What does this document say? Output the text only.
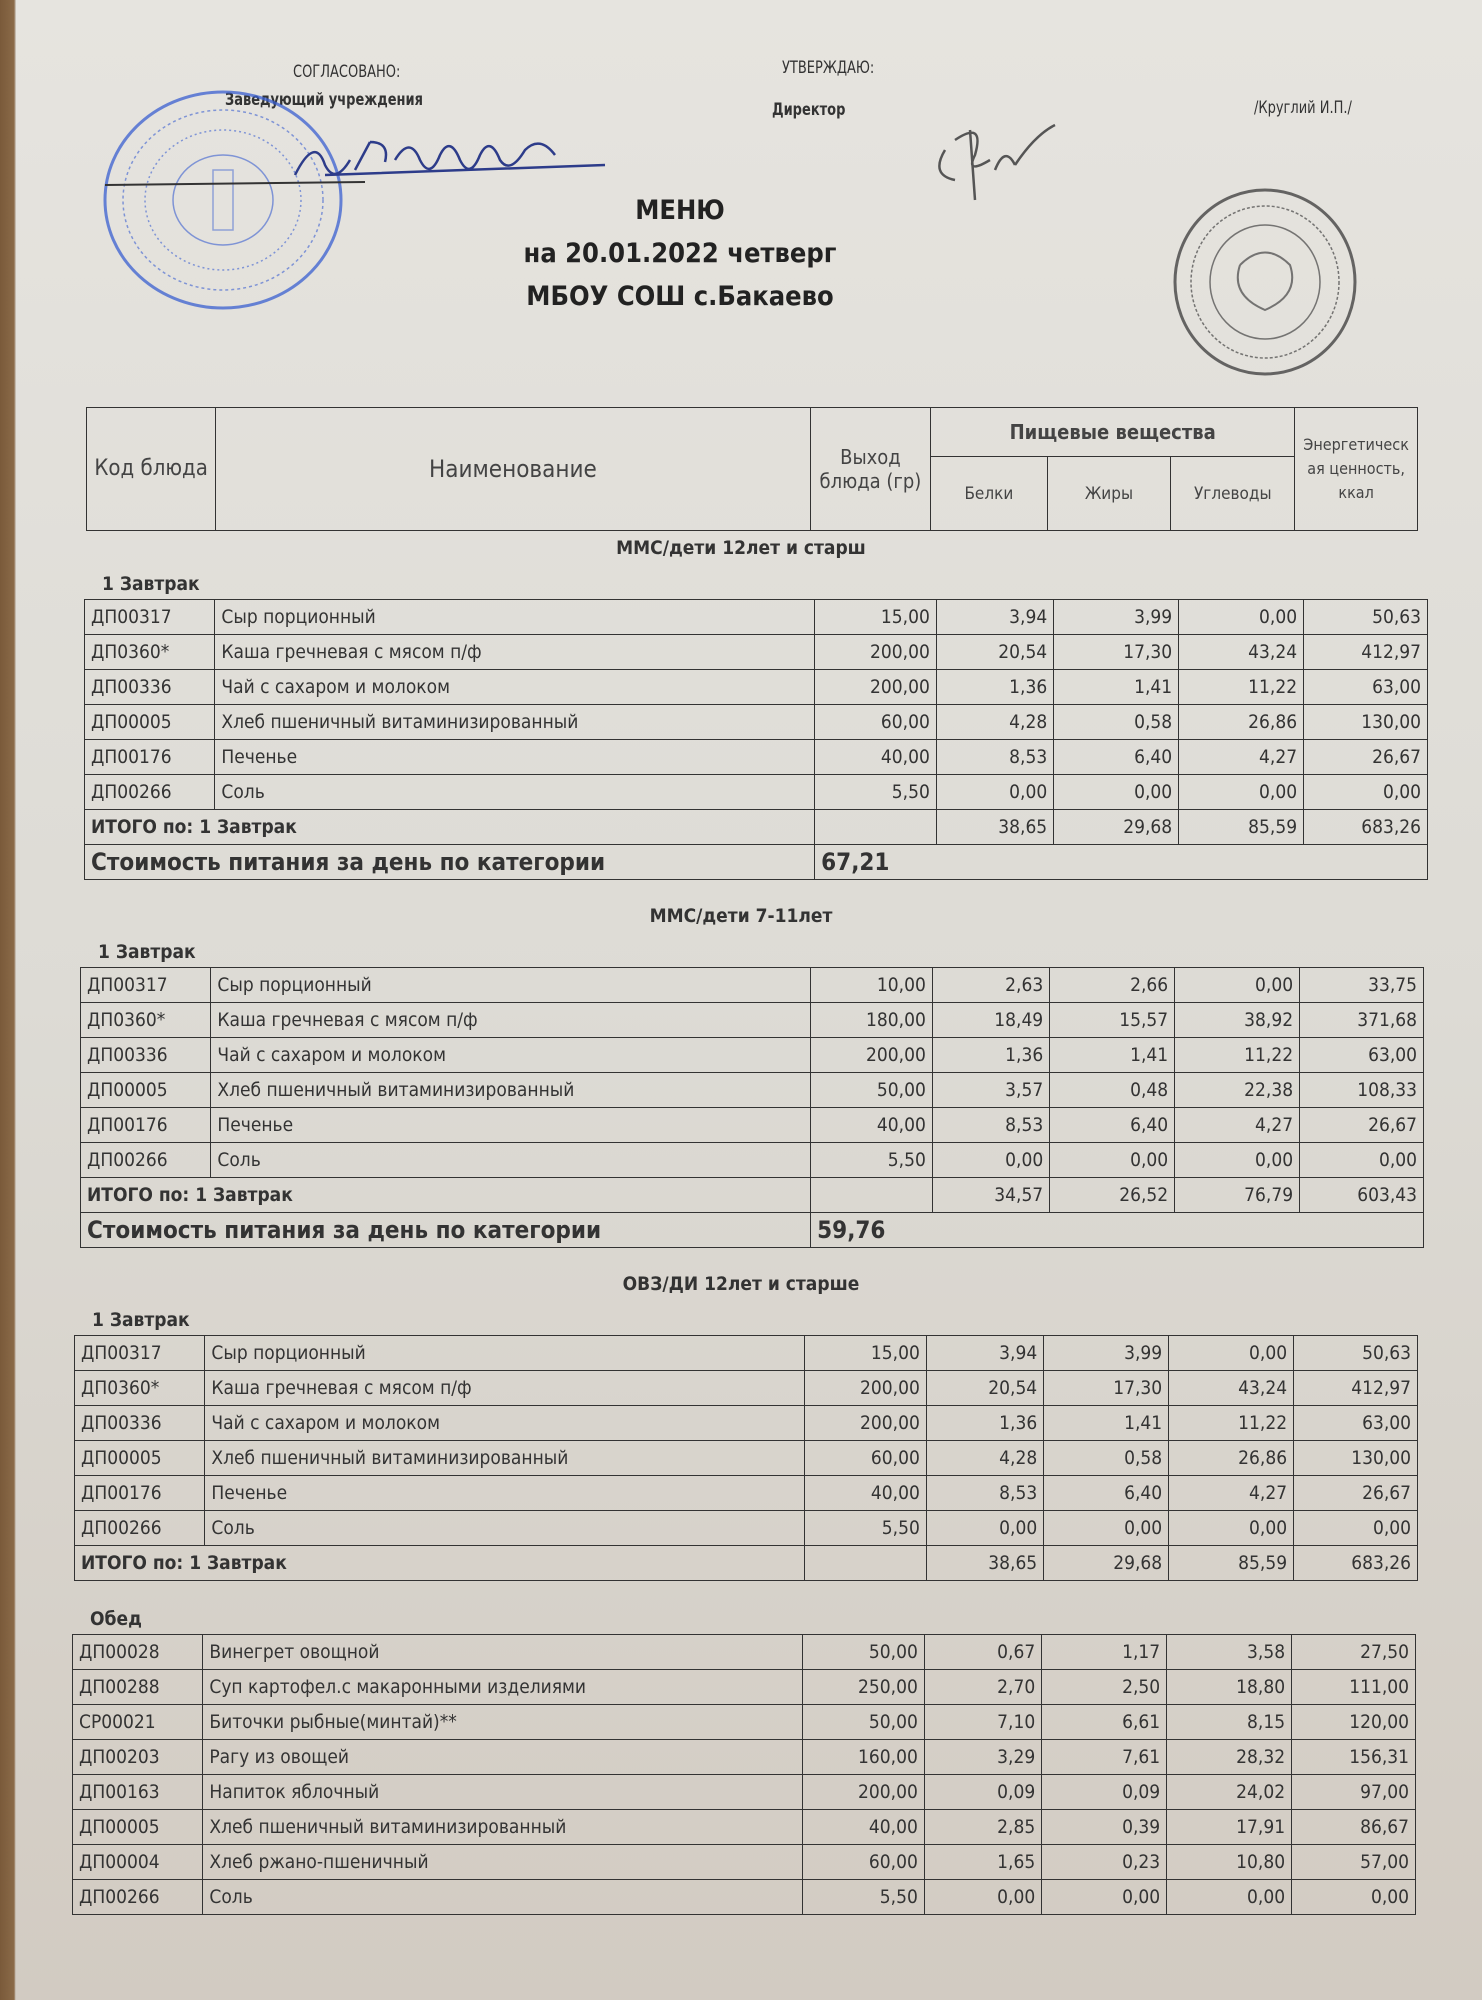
СОГЛАСОВАНО:
Заведующий учреждения
УТВЕРЖДАЮ:
Директор	/Круглий И.П./
МЕНЮ
на 20.01.2022 четверг
МБОУ СОШ с.Бакаево
Код блюда	Наименование	Выход блюда (гр)	Пищевые вещества			Энергетическая ценность, ккал
			Белки	Жиры	Углеводы	
ММС/дети 12лет и старш
1 Завтрак
ДП00317	Сыр порционный	15,00	3,94	3,99	0,00	50,63
ДП0360*	Каша гречневая с мясом п/ф	200,00	20,54	17,30	43,24	412,97
ДП00336	Чай с сахаром и молоком	200,00	1,36	1,41	11,22	63,00
ДП00005	Хлеб пшеничный витаминизированный	60,00	4,28	0,58	26,86	130,00
ДП00176	Печенье	40,00	8,53	6,40	4,27	26,67
ДП00266	Соль	5,50	0,00	0,00	0,00	0,00
ИТОГО по: 1 Завтрак			38,65	29,68	85,59	683,26
Стоимость питания за день по категории		67,21				
ММС/дети 7-11лет
1 Завтрак
ДП00317	Сыр порционный	10,00	2,63	2,66	0,00	33,75
ДП0360*	Каша гречневая с мясом п/ф	180,00	18,49	15,57	38,92	371,68
ДП00336	Чай с сахаром и молоком	200,00	1,36	1,41	11,22	63,00
ДП00005	Хлеб пшеничный витаминизированный	50,00	3,57	0,48	22,38	108,33
ДП00176	Печенье	40,00	8,53	6,40	4,27	26,67
ДП00266	Соль	5,50	0,00	0,00	0,00	0,00
ИТОГО по: 1 Завтрак			34,57	26,52	76,79	603,43
Стоимость питания за день по категории		59,76				
ОВЗ/ДИ 12лет и старше
1 Завтрак
ДП00317	Сыр порционный	15,00	3,94	3,99	0,00	50,63
ДП0360*	Каша гречневая с мясом п/ф	200,00	20,54	17,30	43,24	412,97
ДП00336	Чай с сахаром и молоком	200,00	1,36	1,41	11,22	63,00
ДП00005	Хлеб пшеничный витаминизированный	60,00	4,28	0,58	26,86	130,00
ДП00176	Печенье	40,00	8,53	6,40	4,27	26,67
ДП00266	Соль	5,50	0,00	0,00	0,00	0,00
ИТОГО по: 1 Завтрак			38,65	29,68	85,59	683,26
Обед
ДП00028	Винегрет овощной	50,00	0,67	1,17	3,58	27,50
ДП00288	Суп картофел.с макаронными изделиями	250,00	2,70	2,50	18,80	111,00
СР00021	Биточки рыбные(минтай)**	50,00	7,10	6,61	8,15	120,00
ДП00203	Рагу из овощей	160,00	3,29	7,61	28,32	156,31
ДП00163	Напиток яблочный	200,00	0,09	0,09	24,02	97,00
ДП00005	Хлеб пшеничный витаминизированный	40,00	2,85	0,39	17,91	86,67
ДП00004	Хлеб ржано-пшеничный	60,00	1,65	0,23	10,80	57,00
ДП00266	Соль	5,50	0,00	0,00	0,00	0,00
